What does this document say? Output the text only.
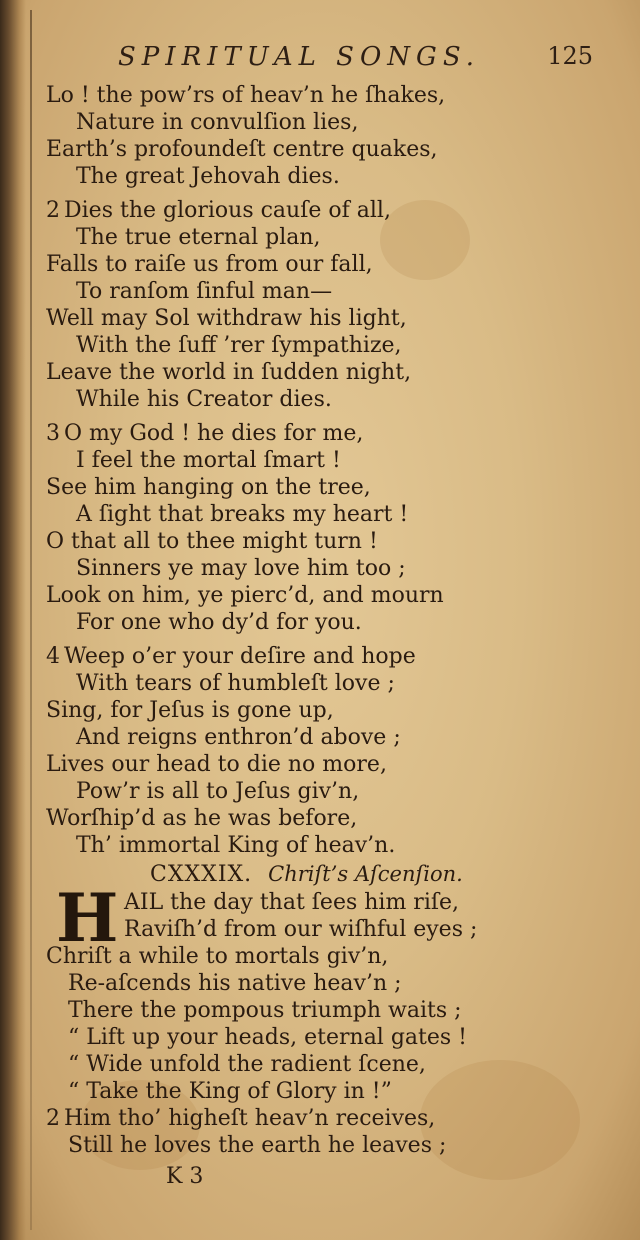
SPIRITUAL SONGS.	125
Lo ! the pow’rs of heav’n he ſhakes,
Nature in convulſion lies,
Earth’s profoundeſt centre quakes,
The great Jehovah dies.
2 Dies the glorious cauſe of all,
The true eternal plan,
Falls to raiſe us from our fall,
To ranſom ſinful man—
Well may Sol withdraw his light,
With the ſuff ’rer ſympathize,
Leave the world in ſudden night,
While his Creator dies.
3 O my God ! he dies for me,
I feel the mortal ſmart !
See him hanging on the tree,
A ſight that breaks my heart !
O that all to thee might turn !
Sinners ye may love him too ;
Look on him, ye pierc’d, and mourn
For one who dy’d for you.
4 Weep o’er your deſire and hope
With tears of humbleſt love ;
Sing, for Jeſus is gone up,
And reigns enthron’d above ;
Lives our head to die no more,
Pow’r is all to Jeſus giv’n,
Worſhip’d as he was before,
Th’ immortal King of heav’n.
CXXXIX. Chriſt’s Aſcenſion.
H AIL the day that ſees him riſe,
Raviſh’d from our wiſhful eyes ;
Chriſt a while to mortals giv’n,
Re-aſcends his native heav’n ;
There the pompous triumph waits ;
“ Lift up your heads, eternal gates !
“ Wide unfold the radient ſcene,
“ Take the King of Glory in !”
2 Him tho’ higheſt heav’n receives,
Still he loves the earth he leaves ;
K 3
